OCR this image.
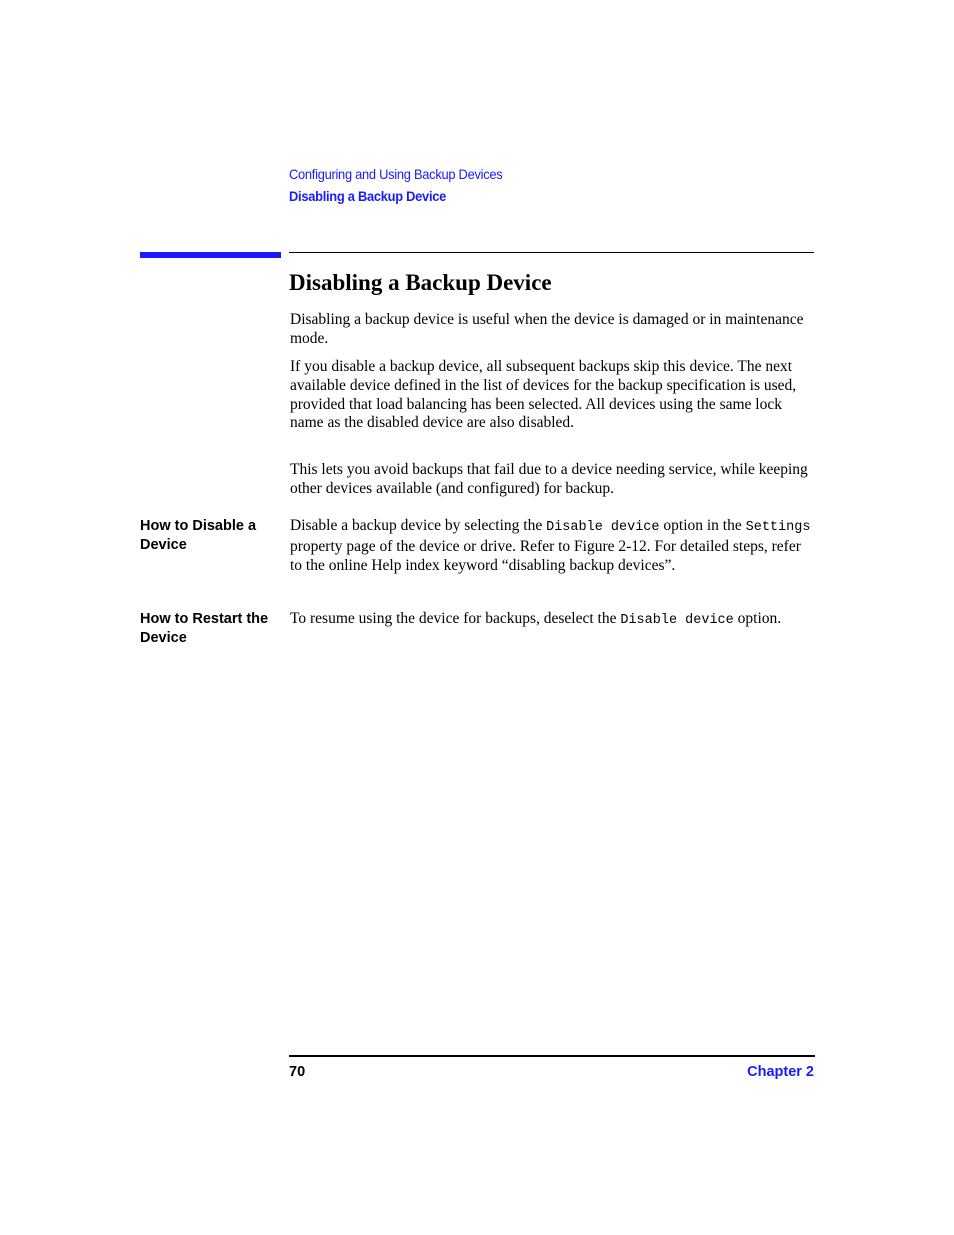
Configuring and Using Backup Devices
Disabling a Backup Device
Disabling a Backup Device

Disabling a backup device is useful when the device is damaged or in maintenance mode.

If you disable a backup device, all subsequent backups skip this device. The next available device defined in the list of devices for the backup specification is used, provided that load balancing has been selected. All devices using the same lock name as the disabled device are also disabled.

This lets you avoid backups that fail due to a device needing service, while keeping other devices available (and configured) for backup.

How to Disable a Device

Disable a backup device by selecting the Disable device option in the Settings property page of the device or drive. Refer to Figure 2-12. For detailed steps, refer to the online Help index keyword “disabling backup devices”.

How to Restart the Device

To resume using the device for backups, deselect the Disable device option.

70	Chapter 2
